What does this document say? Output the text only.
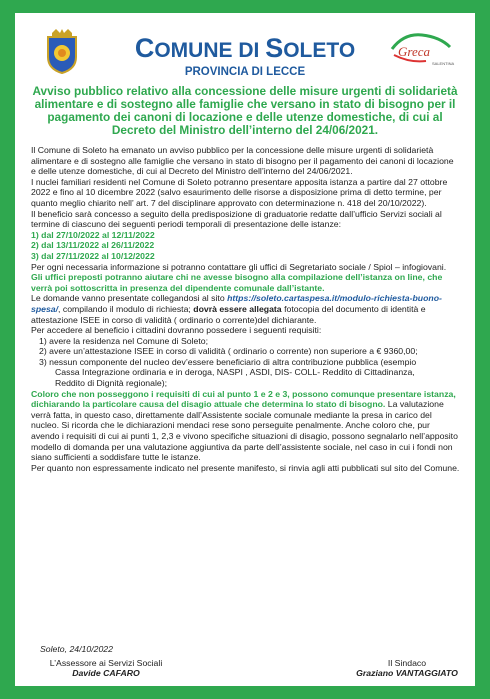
Greca
SALENTINA
COMUNE DI SOLETO
PROVINCIA DI LECCE
Avviso pubblico relativo alla concessione delle misure urgenti di solidarietà alimentare e di sostegno alle famiglie che versano in stato di bisogno per il pagamento dei canoni di locazione e delle utenze domestiche, di cui al Decreto del Ministro dell’interno del 24/06/2021.

Il Comune di Soleto ha emanato un avviso pubblico per la concessione delle misure urgenti di solidarietà alimentare e di sostegno alle famiglie che versano in stato di bisogno per il pagamento dei canoni di locazione e delle utenze domestiche, di cui al Decreto del Ministro dell’interno del 24/06/2021.

I nuclei familiari residenti nel Comune di Soleto potranno presentare apposita istanza a partire dal 27 ottobre 2022 e fino al 10 dicembre 2022 (salvo esaurimento delle risorse a disposizione prima di detto termine, per quanto meglio chiarito nell’ art. 7 del disciplinare approvato con determinazione n. 418 del 20/10/2022).

Il beneficio sarà concesso a seguito della predisposizione di graduatorie redatte dall’ufficio Servizi sociali al termine di ciascuno dei seguenti periodi temporali di presentazione delle istanze:

1) dal 27/10/2022 al 12/11/2022

2) dal 13/11/2022 al 26/11/2022

3) dal 27/11/2022 al 10/12/2022

Per ogni necessaria informazione si potranno contattare gli uffici di Segretariato sociale / Spiol – infogiovani.

Gli uffici preposti potranno aiutare chi ne avesse bisogno alla compilazione dell’istanza on line, che verrà poi sottoscritta in presenza del dipendente comunale dall’istante.

Le domande vanno presentate collegandosi al sito https://soleto.cartaspesa.it/modulo-richiesta-buono-spesa/, compilando il modulo di richiesta; dovrà essere allegata fotocopia del documento di identità e attestazione ISEE in corso di validità ( ordinario o corrente)del dichiarante.

Per accedere al beneficio i cittadini dovranno possedere i seguenti requisiti:

1) avere la residenza nel Comune di Soleto;

2) avere un’attestazione ISEE in corso di validità ( ordinario o corrente) non superiore a € 9360,00;

3) nessun componente del nucleo dev’essere beneficiario di altra contribuzione pubblica (esempio

Cassa Integrazione ordinaria e in deroga, NASPI , ASDI, DIS- COLL- Reddito di Cittadinanza,

Reddito di Dignità regionale);

Coloro che non posseggono i requisiti di cui al punto 1 e 2 e 3, possono comunque presentare istanza, dichiarando la particolare causa del disagio attuale che determina lo stato di bisogno. La valutazione verrà fatta, in questo caso, direttamente dall’Assistente sociale comunale mediante la presa in carico del nucleo. Si ricorda che le dichiarazioni mendaci rese sono perseguite penalmente. Anche coloro che, pur avendo i requisiti di cui ai punti 1, 2,3 e vivono specifiche situazioni di disagio, possono segnalarlo nell’apposito modello di domanda per una valutazione aggiuntiva da parte dell’assistente sociale, nel caso in cui i fondi non siano sufficienti a soddisfare tutte le istanze.

Per quanto non espressamente indicato nel presente manifesto, si rinvia agli atti pubblicati sul sito del Comune.

Soleto, 24/10/2022
L’Assessore ai Servizi Sociali
Davide CAFARO
Il Sindaco
Graziano VANTAGGIATO
